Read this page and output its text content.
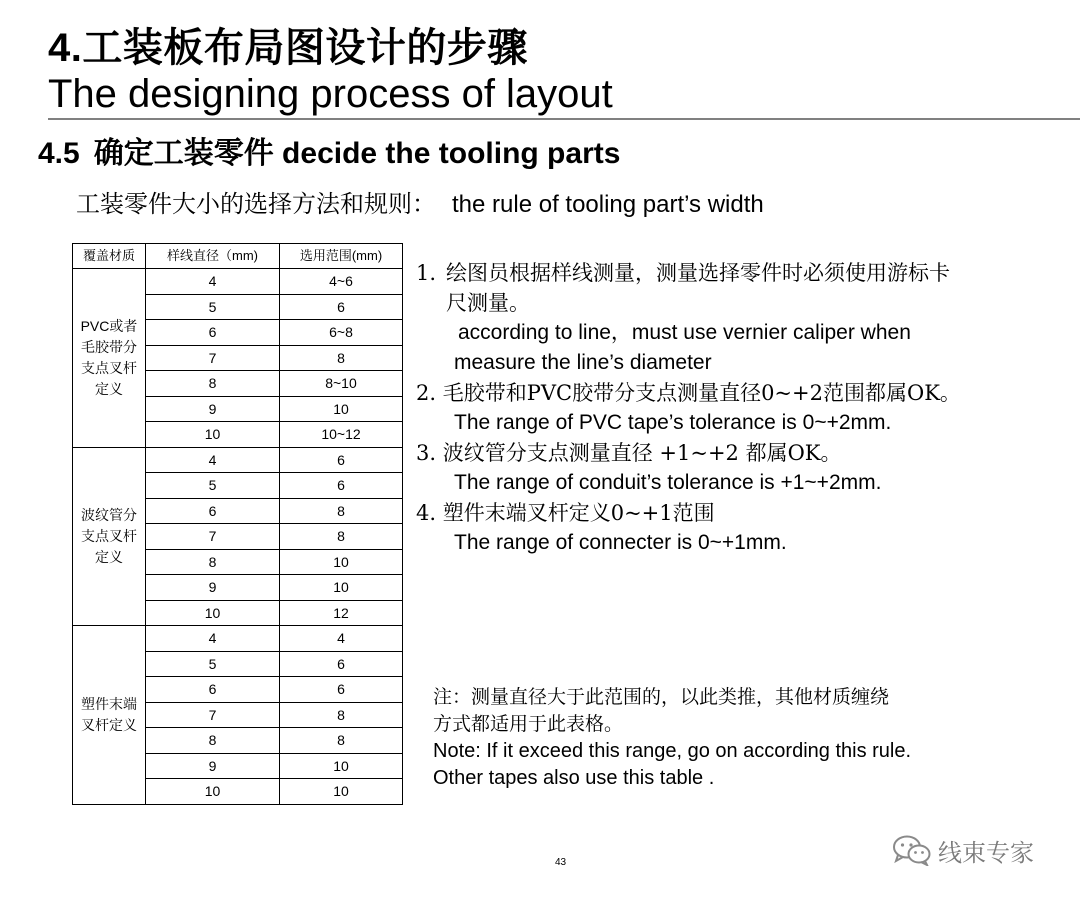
4.工装板布局图设计的步骤
The designing process of layout
4.5 确定工装零件 decide the tooling parts
工装零件大小的选择方法和规则： the rule of tooling part’s width
覆盖材质	样线直径（mm)	选用范围(mm)
PVC或者毛胶带分支点叉杆定义	4	4~6
	5	6
	6	6~8
	7	8
	8	8~10
	9	10
	10	10~12
波纹管分支点叉杆定义	4	6
	5	6
	6	8
	7	8
	8	10
	9	10
	10	12
塑件末端叉杆定义	4	4
	5	6
	6	6
	7	8
	8	8
	9	10
	10	10
1. 绘图员根据样线测量，测量选择零件时必须使用游标卡
尺测量。
according to line，must use vernier caliper when
measure the line’s diameter
2. 毛胶带和PVC胶带分支点测量直径0~+2范围都属OK。
The range of PVC tape’s tolerance is 0~+2mm.
3. 波纹管分支点测量直径 +1~+2 都属OK。
The range of conduit’s tolerance is +1~+2mm.
4. 塑件末端叉杆定义0~+1范围
The range of connecter is 0~+1mm.
注：测量直径大于此范围的，以此类推，其他材质缠绕
方式都适用于此表格。
Note: If it exceed this range, go on according this rule.
Other tapes also use this table .
43	线束专家
